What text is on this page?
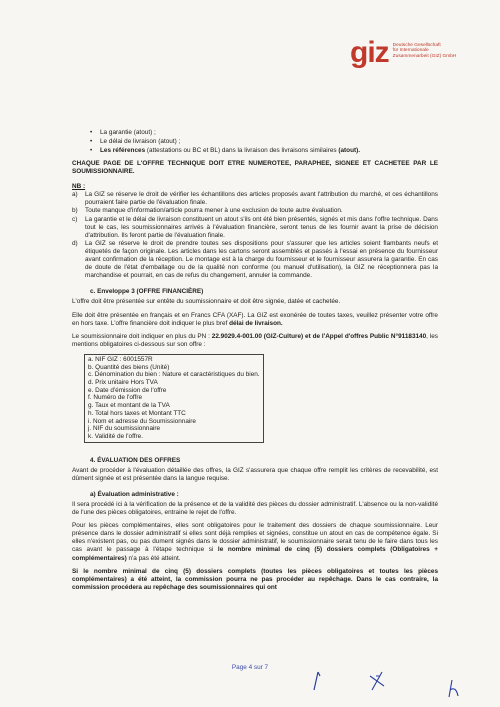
giz Deutsche Gesellschaft
für Internationale
Zusammenarbeit (GIZ) GmbH
• La garantie (atout) ;
• Le délai de livraison (atout) ;
• Les références (attestations ou BC et BL) dans la livraison des livraisons similaires (atout).
CHAQUE PAGE DE L'OFFRE TECHNIQUE DOIT ETRE NUMEROTEE, PARAPHEE, SIGNEE ET CACHETEE PAR LE SOUMISSIONNAIRE.
NB :
a) La GIZ se réserve le droit de vérifier les échantillons des articles proposés avant l'attribution du marché, et ces échantillons pourraient faire partie de l'évaluation finale.
b) Toute manque d'information/article pourra mener à une exclusion de toute autre évaluation.
c) La garantie et le délai de livraison constituent un atout s'ils ont été bien présentés, signés et mis dans l'offre technique. Dans tout le cas, les soumissionnaires arrivés à l'évaluation financière, seront tenus de les fournir avant la prise de décision d'attribution. Ils feront partie de l'évaluation finale.
d) La GIZ se réserve le droit de prendre toutes ses dispositions pour s'assurer que les articles soient flambants neufs et étiquetés de façon originale. Les articles dans les cartons seront assemblés et passés à l'essai en présence du fournisseur avant confirmation de la réception. Le montage est à la charge du fournisseur et le fournisseur assurera la garantie. En cas de doute de l'état d'emballage ou de la qualité non conforme (ou manuel d'utilisation), la GIZ ne réceptionnera pas la marchandise et pourrait, en cas de refus du changement, annuler la commande.
c. Enveloppe 3 (OFFRE FINANCIÈRE)

L'offre doit être présentée sur entête du soumissionnaire et doit être signée, datée et cachetée.

Elle doit être présentée en français et en Francs CFA (XAF). La GIZ est exonérée de toutes taxes, veuillez présenter votre offre en hors taxe. L'offre financière doit indiquer le plus bref délai de livraison.

Le soumissionnaire doit indiquer en plus du PN : 22.9029.4-001.00 (GIZ-Culture) et de l'Appel d'offres Public N°91183140, les mentions obligatoires ci-dessous sur son offre :

a. NIF GIZ : 6001557R
b. Quantité des biens (Unité)
c. Dénomination du bien : Nature et caractéristiques du bien.
d. Prix unitaire Hors TVA
e. Date d'émission de l'offre
f. Numéro de l'offre
g. Taux et montant de la TVA
h. Total hors taxes et Montant TTC
i. Nom et adresse du Soumissionnaire
j. NIF du soumissionnaire
k. Validité de l'offre.
4. ÉVALUATION DES OFFRES

Avant de procéder à l'évaluation détaillée des offres, la GIZ s'assurera que chaque offre remplit les critères de recevabilité, est dûment signée et est présentée dans la langue requise.

a) Évaluation administrative :

Il sera procédé ici à la vérification de la présence et de la validité des pièces du dossier administratif. L'absence ou la non-validité de l'une des pièces obligatoires, entraine le rejet de l'offre.

Pour les pièces complémentaires, elles sont obligatoires pour le traitement des dossiers de chaque soumissionnaire. Leur présence dans le dossier administratif si elles sont déjà remplies et signées, constitue un atout en cas de compétence égale. Si elles n'existent pas, ou pas dument signés dans le dossier administratif, le soumissionnaire serait tenu de le faire dans tous les cas avant le passage à l'étape technique si le nombre minimal de cinq (5) dossiers complets (Obligatoires + complémentaires) n'a pas été atteint.

Si le nombre minimal de cinq (5) dossiers complets (toutes les pièces obligatoires et toutes les pièces complémentaires) a été atteint, la commission pourra ne pas procéder au repêchage. Dans le cas contraire, la commission procédera au repêchage des soumissionnaires qui ont

Page 4 sur 7
